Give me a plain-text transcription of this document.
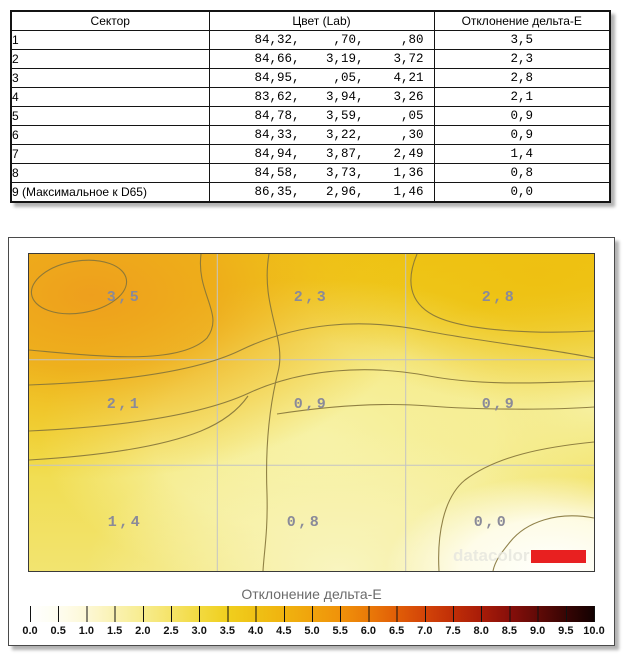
Сектор	Цвет (Lab)	Отклонение дельта-E
1	84,32, ,70, ,80	3,5
2	84,66, 3,19, 3,72	2,3
3	84,95, ,05, 4,21	2,8
4	83,62, 3,94, 3,26	2,1
5	84,78, 3,59, ,05	0,9
6	84,33, 3,22, ,30	0,9
7	84,94, 3,87, 2,49	1,4
8	84,58, 3,73, 1,36	0,8
9 (Максимальное к D65)	86,35, 2,96, 1,46	0,0
datacolor
3,5	2,3	2,8
2,1	0,9	0,9
1,4	0,8	0,0
Отклонение дельта-E
0.0 0.5 1.0 1.5 2.0 2.5 3.0 3.5 4.0 4.5 5.0 5.5 6.0 6.5 7.0 7.5 8.0 8.5 9.0 9.5 10.0
